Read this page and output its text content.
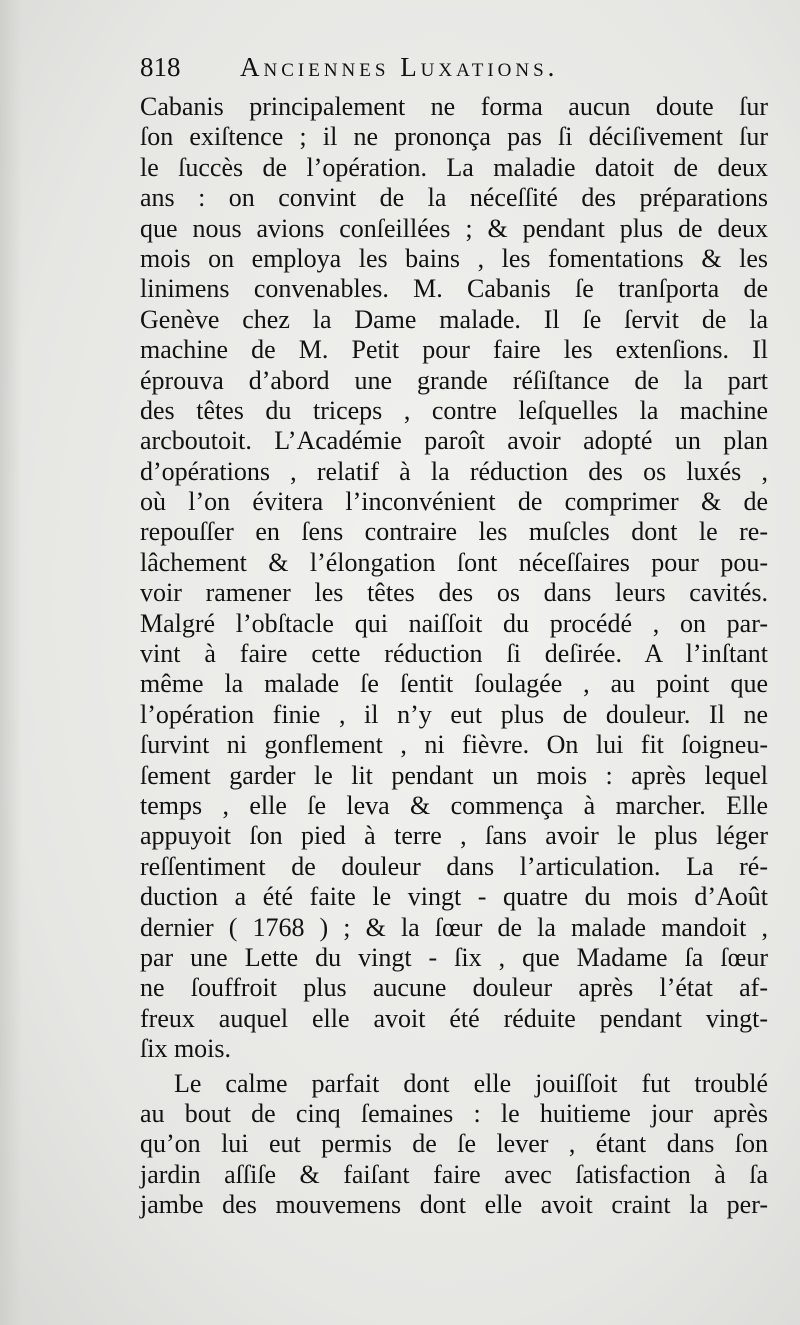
818	Anciennes Luxations.
Cabanis principalement ne forma aucun doute ſur
ſon exiſtence ; il ne prononça pas ſi déciſivement ſur
le ſuccès de l’opération. La maladie datoit de deux
ans : on convint de la néceſſité des préparations
que nous avions conſeillées ; & pendant plus de deux
mois on employa les bains , les fomentations & les
linimens convenables. M. Cabanis ſe tranſporta de
Genève chez la Dame malade. Il ſe ſervit de la
machine de M. Petit pour faire les extenſions. Il
éprouva d’abord une grande réſiſtance de la part
des têtes du triceps , contre leſquelles la machine
arcboutoit. L’Académie paroît avoir adopté un plan
d’opérations , relatif à la réduction des os luxés ,
où l’on évitera l’inconvénient de comprimer & de
repouſſer en ſens contraire les muſcles dont le re-
lâchement & l’élongation ſont néceſſaires pour pou-
voir ramener les têtes des os dans leurs cavités.
Malgré l’obſtacle qui naiſſoit du procédé , on par-
vint à faire cette réduction ſi deſirée. A l’inſtant
même la malade ſe ſentit ſoulagée , au point que
l’opération finie , il n’y eut plus de douleur. Il ne
ſurvint ni gonflement , ni fièvre. On lui fit ſoigneu-
ſement garder le lit pendant un mois : après lequel
temps , elle ſe leva & commença à marcher. Elle
appuyoit ſon pied à terre , ſans avoir le plus léger
reſſentiment de douleur dans l’articulation. La ré-
duction a été faite le vingt - quatre du mois d’Août
dernier ( 1768 ) ; & la ſœur de la malade mandoit ,
par une Lette du vingt - ſix , que Madame ſa ſœur
ne ſouffroit plus aucune douleur après l’état af-
freux auquel elle avoit été réduite pendant vingt-
ſix mois.
Le calme parfait dont elle jouiſſoit fut troublé
au bout de cinq ſemaines : le huitieme jour après
qu’on lui eut permis de ſe lever , étant dans ſon
jardin aſſiſe & faiſant faire avec ſatisfaction à ſa
jambe des mouvemens dont elle avoit craint la per-
